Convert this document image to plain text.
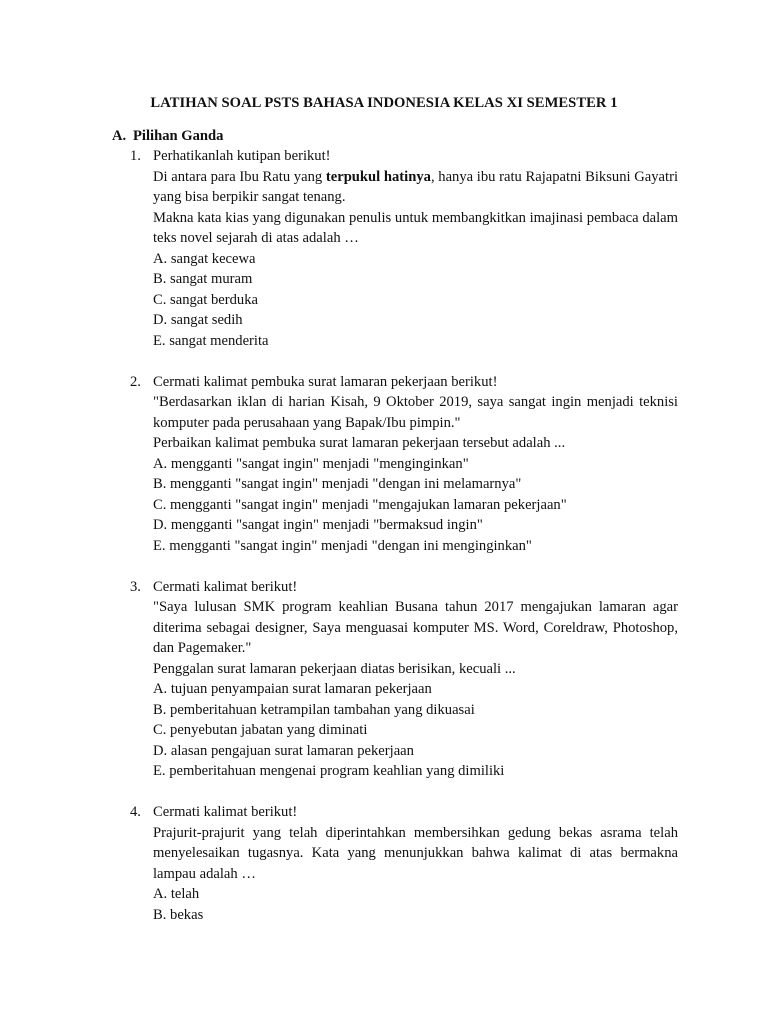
LATIHAN SOAL PSTS BAHASA INDONESIA KELAS XI SEMESTER 1
A. Pilihan Ganda
1. Perhatikanlah kutipan berikut!

Di antara para Ibu Ratu yang terpukul hatinya, hanya ibu ratu Rajapatni Biksuni Gayatri yang bisa berpikir sangat tenang.

Makna kata kias yang digunakan penulis untuk membangkitkan imajinasi pembaca dalam teks novel sejarah di atas adalah …

A. sangat kecewa

B. sangat muram

C. sangat berduka

D. sangat sedih

E. sangat menderita

2. Cermati kalimat pembuka surat lamaran pekerjaan berikut!

"Berdasarkan iklan di harian Kisah, 9 Oktober 2019, saya sangat ingin menjadi teknisi komputer pada perusahaan yang Bapak/Ibu pimpin."

Perbaikan kalimat pembuka surat lamaran pekerjaan tersebut adalah ...

A. mengganti "sangat ingin" menjadi "menginginkan"

B. mengganti "sangat ingin" menjadi "dengan ini melamarnya"

C. mengganti "sangat ingin" menjadi "mengajukan lamaran pekerjaan"

D. mengganti "sangat ingin" menjadi "bermaksud ingin"

E. mengganti "sangat ingin" menjadi "dengan ini menginginkan"

3. Cermati kalimat berikut!

"Saya lulusan SMK program keahlian Busana tahun 2017 mengajukan lamaran agar diterima sebagai designer, Saya menguasai komputer MS. Word, Coreldraw, Photoshop, dan Pagemaker."

Penggalan surat lamaran pekerjaan diatas berisikan, kecuali ...

A. tujuan penyampaian surat lamaran pekerjaan

B. pemberitahuan ketrampilan tambahan yang dikuasai

C. penyebutan jabatan yang diminati

D. alasan pengajuan surat lamaran pekerjaan

E. pemberitahuan mengenai program keahlian yang dimiliki

4. Cermati kalimat berikut!

Prajurit-prajurit yang telah diperintahkan membersihkan gedung bekas asrama telah menyelesaikan tugasnya. Kata yang menunjukkan bahwa kalimat di atas bermakna lampau adalah …

A. telah

B. bekas
